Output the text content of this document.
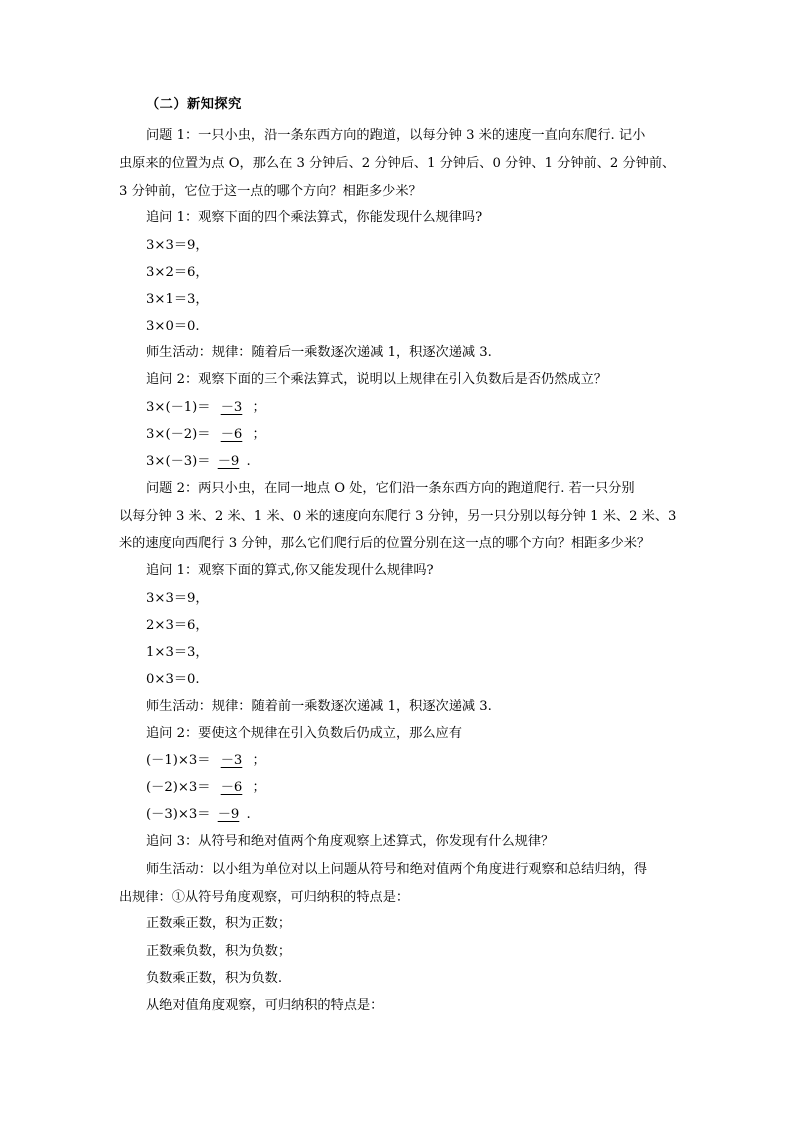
（二）新知探究
问题 1：一只小虫，沿一条东西方向的跑道，以每分钟 3 米的速度一直向东爬行. 记小
虫原来的位置为点 O，那么在 3 分钟后、2 分钟后、1 分钟后、0 分钟、1 分钟前、2 分钟前、
3 分钟前，它位于这一点的哪个方向？相距多少米？
追问 1：观察下面的四个乘法算式，你能发现什么规律吗?
3×3＝9，
3×2＝6，
3×1＝3，
3×0＝0.
师生活动：规律：随着后一乘数逐次递减 1，积逐次递减 3.
追问 2：观察下面的三个乘法算式，说明以上规律在引入负数后是否仍然成立？
3×(－1)＝ －3 ；
3×(－2)＝ －6 ；
3×(－3)＝ －9 .
问题 2：两只小虫，在同一地点 O 处，它们沿一条东西方向的跑道爬行. 若一只分别
以每分钟 3 米、2 米、1 米、0 米的速度向东爬行 3 分钟，另一只分别以每分钟 1 米、2 米、3
米的速度向西爬行 3 分钟，那么它们爬行后的位置分别在这一点的哪个方向？相距多少米？
追问 1：观察下面的算式,你又能发现什么规律吗?
3×3＝9，
2×3＝6，
1×3＝3，
0×3＝0.
师生活动：规律：随着前一乘数逐次递减 1，积逐次递减 3.
追问 2：要使这个规律在引入负数后仍成立，那么应有
(－1)×3＝ －3 ；
(－2)×3＝ －6 ；
(－3)×3＝ －9 .
追问 3：从符号和绝对值两个角度观察上述算式，你发现有什么规律？
师生活动：以小组为单位对以上问题从符号和绝对值两个角度进行观察和总结归纳，得
出规律：①从符号角度观察，可归纳积的特点是：
正数乘正数，积为正数；
正数乘负数，积为负数；
负数乘正数，积为负数.
从绝对值角度观察，可归纳积的特点是：
